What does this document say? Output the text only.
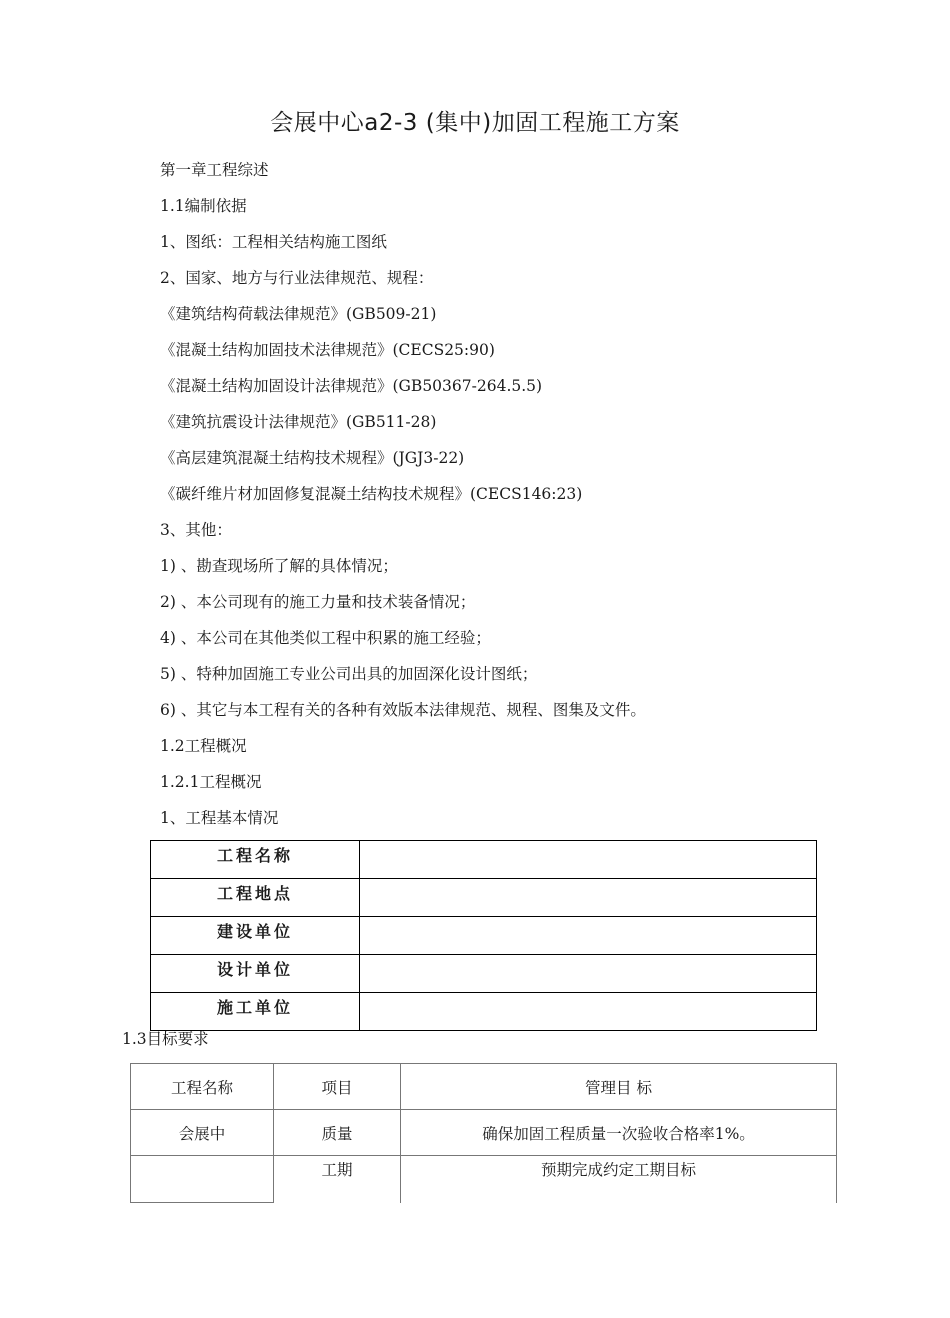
会展中心a2-3 (集中)加固工程施工方案
第一章工程综述
1.1编制依据
1、图纸：工程相关结构施工图纸
2、国家、地方与行业法律规范、规程：
《建筑结构荷载法律规范》(GB509-21)
《混凝土结构加固技术法律规范》(CECS25:90)
《混凝土结构加固设计法律规范》(GB50367-264.5.5)
《建筑抗震设计法律规范》(GB511-28)
《高层建筑混凝土结构技术规程》(JGJ3-22)
《碳纤维片材加固修复混凝土结构技术规程》(CECS146:23)
3、其他：
1) 、勘查现场所了解的具体情况；
2) 、本公司现有的施工力量和技术装备情况；
4) 、本公司在其他类似工程中积累的施工经验；
5) 、特种加固施工专业公司出具的加固深化设计图纸；
6) 、其它与本工程有关的各种有效版本法律规范、规程、图集及文件。
1.2工程概况
1.2.1工程概况
1、工程基本情况
工程名称	
工程地点	
建设单位	
设计单位	
施工单位	
1.3目标要求
工程名称	项目	管理目 标
会展中	质量	确保加固工程质量一次验收合格率1%。
	工期	预期完成约定工期目标
